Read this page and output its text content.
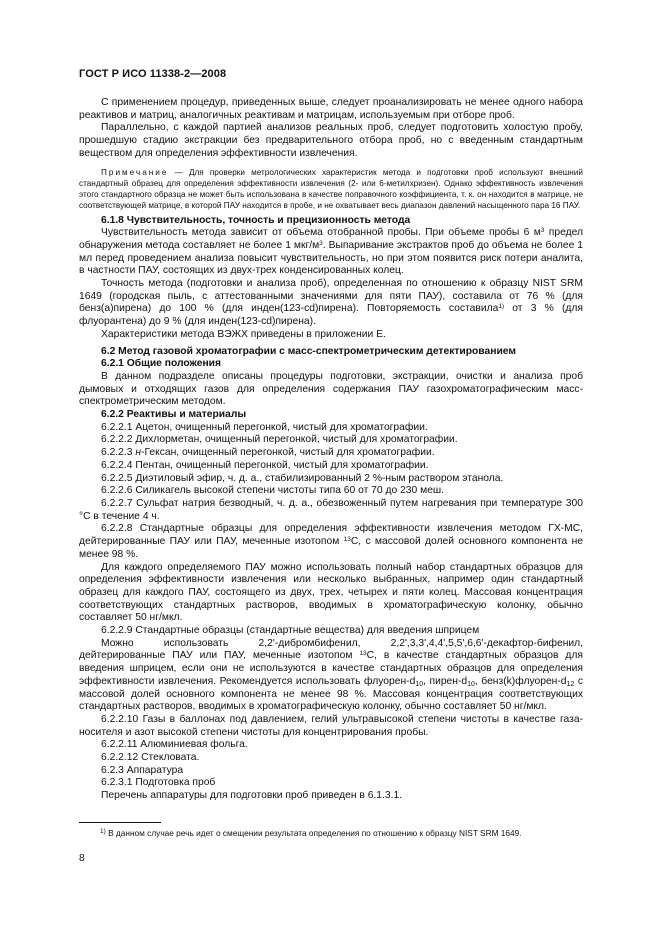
ГОСТ Р ИСО 11338-2—2008

С применением процедур, приведенных выше, следует проанализировать не менее одного набора реактивов и матриц, аналогичных реактивам и матрицам, используемым при отборе проб.

Параллельно, с каждой партией анализов реальных проб, следует подготовить холостую пробу, прошедшую стадию экстракции без предварительного отбора проб, но с введенным стандартным веществом для определения эффективности извлечения.

Примечание — Для проверки метрологических характеристик метода и подготовки проб используют внешний стандартный образец для определения эффективности извлечения (2- или 6-метилхризен). Однако эффективность извлечения этого стандартного образца не может быть использована в качестве поправочного коэффициента, т. к. он находится в матрице, не соответствующей матрице, в которой ПАУ находится в пробе, и не охватывает весь диапазон давлений насыщенного пара 16 ПАУ.

6.1.8 Чувствительность, точность и прецизионность метода

Чувствительность метода зависит от объема отобранной пробы. При объеме пробы 6 $м^3$ предел обнаружения метода составляет не более 1 мкг/$м^3$. Выпаривание экстрактов проб до объема не более 1 мл перед проведением анализа повысит чувствительность, но при этом появится риск потери аналита, в частности ПАУ, состоящих из двух-трех конденсированных колец.

Точность метода (подготовки и анализа проб), определенная по отношению к образцу NIST SRM 1649 (городская пыль, с аттестованными значениями для пяти ПАУ), составила от 76 % (для бенз(а)пирена) до 100 % (для инден(123-cd)пирена). Повторяемость составила$^{1)}$ от 3 % (для флуорантена) до 9 % (для инден(123-cd)пирена).

Характеристики метода ВЭЖХ приведены в приложении Е.

6.2 Метод газовой хроматографии с масс-спектрометрическим детектированием

6.2.1 Общие положения

В данном подразделе описаны процедуры подготовки, экстракции, очистки и анализа проб дымовых и отходящих газов для определения содержания ПАУ газохроматографическим масс-спектрометрическим методом.

6.2.2 Реактивы и материалы

6.2.2.1 Ацетон, очищенный перегонкой, чистый для хроматографии.

6.2.2.2 Дихлорметан, очищенный перегонкой, чистый для хроматографии.

6.2.2.3 н-Гексан, очищенный перегонкой, чистый для хроматографии.

6.2.2.4 Пентан, очищенный перегонкой, чистый для хроматографии.

6.2.2.5 Диэтиловый эфир, ч. д. а., стабилизированный 2 %-ным раствором этанола.

6.2.2.6 Силикагель высокой степени чистоты типа 60 от 70 до 230 меш.

6.2.2.7 Сульфат натрия безводный, ч. д. а., обезвоженный путем нагревания при температуре 300 °С в течение 4 ч.

6.2.2.8 Стандартные образцы для определения эффективности извлечения методом ГХ-МС, дейтерированные ПАУ или ПАУ, меченные изотопом $^{13}$С, с массовой долей основного компонента не менее 98 %.

Для каждого определяемого ПАУ можно использовать полный набор стандартных образцов для определения эффективности извлечения или несколько выбранных, например один стандартный образец для каждого ПАУ, состоящего из двух, трех, четырех и пяти колец. Массовая концентрация соответствующих стандартных растворов, вводимых в хроматографическую колонку, обычно составляет 50 нг/мкл.

6.2.2.9 Стандартные образцы (стандартные вещества) для введения шприцем

Можно использовать 2,2'-дибромбифенил, 2,2',3,3',4,4',5,5',6,6'-декафтор-бифенил, дейтерированные ПАУ или ПАУ, меченные изотопом $^{13}$С, в качестве стандартных образцов для введения шприцем, если они не используются в качестве стандартных образцов для определения эффективности извлечения. Рекомендуется использовать флуорен-$d_{10}$, пирен-$d_{10}$, $бенз(k)флуорен-d_{12}$ с массовой долей основного компонента не менее 98 %. Массовая концентрация соответствующих стандартных растворов, вводимых в хроматографическую колонку, обычно составляет 50 нг/мкл.

6.2.2.10 Газы в баллонах под давлением, гелий ультравысокой степени чистоты в качестве газа-носителя и азот высокой степени чистоты для концентрирования пробы.

6.2.2.11 Алюминиевая фольга.

6.2.2.12 Стекловата.

6.2.3 Аппаратура

6.2.3.1 Подготовка проб

Перечень аппаратуры для подготовки проб приведен в 6.1.3.1.

$^{1)}$ В данном случае речь идет о смещении результата определения по отношению к образцу NIST SRM 1649.
8
